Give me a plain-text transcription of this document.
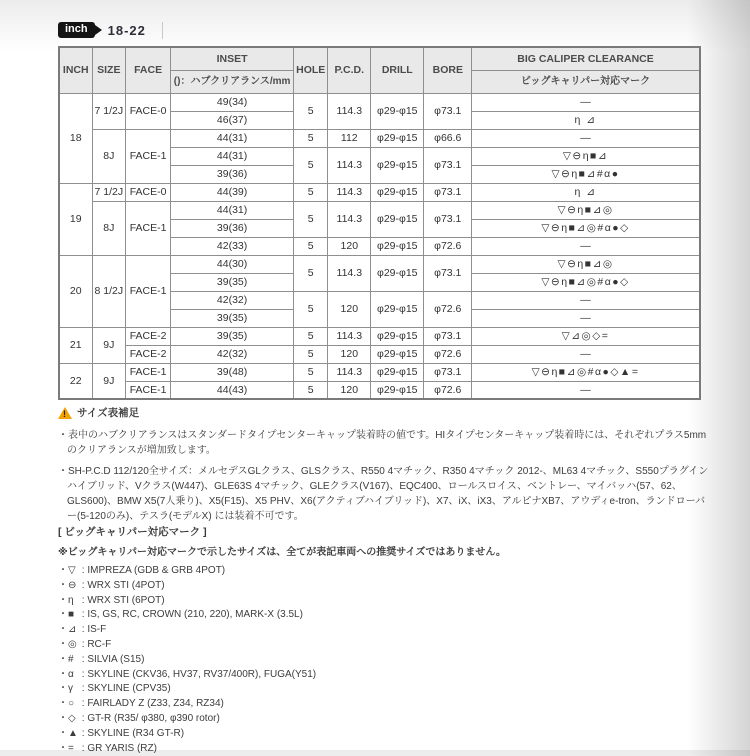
inch	18-22
INCH	SIZE	FACE	INSET	HOLE	P.C.D.	DRILL	BORE	BIG CALIPER CLEARANCE
			()：ハブクリアランス/mm					ビッグキャリパー対応マーク
18	7 1/2J	FACE-0	49(34)	5	114.3	φ29-φ15	φ73.1	—
			46(37)					η ⊿
	8J	FACE-1	44(31)	5	112	φ29-φ15	φ66.6	—
			44(31)	5	114.3	φ29-φ15	φ73.1	▽⊖η■⊿
			39(36)					▽⊖η■⊿#α●
19	7 1/2J	FACE-0	44(39)	5	114.3	φ29-φ15	φ73.1	η ⊿
	8J	FACE-1	44(31)	5	114.3	φ29-φ15	φ73.1	▽⊖η■⊿◎
			39(36)					▽⊖η■⊿◎#α●◇
			42(33)	5	120	φ29-φ15	φ72.6	—
20	8 1/2J	FACE-1	44(30)	5	114.3	φ29-φ15	φ73.1	▽⊖η■⊿◎
			39(35)					▽⊖η■⊿◎#α●◇
			42(32)	5	120	φ29-φ15	φ72.6	—
			39(35)					—
21	9J	FACE-2	39(35)	5	114.3	φ29-φ15	φ73.1	▽⊿◎◇=
		FACE-2	42(32)	5	120	φ29-φ15	φ72.6	—
22	9J	FACE-1	39(48)	5	114.3	φ29-φ15	φ73.1	▽⊖η■⊿◎#α●◇▲=
		FACE-1	44(43)	5	120	φ29-φ15	φ72.6	—
!
サイズ表補足
・ 表中のハブクリアランスはスタンダードタイプセンターキャップ装着時の値です。HIタイプセンターキャップ装着時には、それぞれプラス5mmのクリアランスが増加致します。
・ SH-P.C.D 112/120全サイズ：メルセデスGLクラス、GLSクラス、R550 4マチック、R350 4マチック 2012-、ML63 4マチック、S550プラグインハイブリッド、Vクラス(W447)、GLE63S 4マチック、GLEクラス(V167)、EQC400、ロールスロイス、ベントレー、マイバッハ(57、62、GLS600)、BMW X5(7人乗り)、X5(F15)、X5 PHV、X6(アクティブハイブリッド)、X7、iX、iX3、アルピナXB7、アウディe-tron、ランドローバー(5-120のみ)、テスラ(モデルX) には装着不可です。
[ ビッグキャリパー対応マーク ]
※ビッグキャリパー対応マークで示したサイズは、全てが表記車両への推奨サイズではありません。
・▽ : IMPREZA (GDB & GRB 4POT)
・⊖ : WRX STI (4POT)
・η : WRX STI (6POT)
・■ : IS, GS, RC, CROWN (210, 220), MARK-X (3.5L)
・⊿ : IS-F
・◎ : RC-F
・# : SILVIA (S15)
・α : SKYLINE (CKV36, HV37, RV37/400R), FUGA(Y51)
・γ : SKYLINE (CPV35)
・○ : FAIRLADY Z (Z33, Z34, RZ34)
・◇ : GT-R (R35/ φ380, φ390 rotor)
・▲ : SKYLINE (R34 GT-R)
・= : GR YARIS (RZ)
